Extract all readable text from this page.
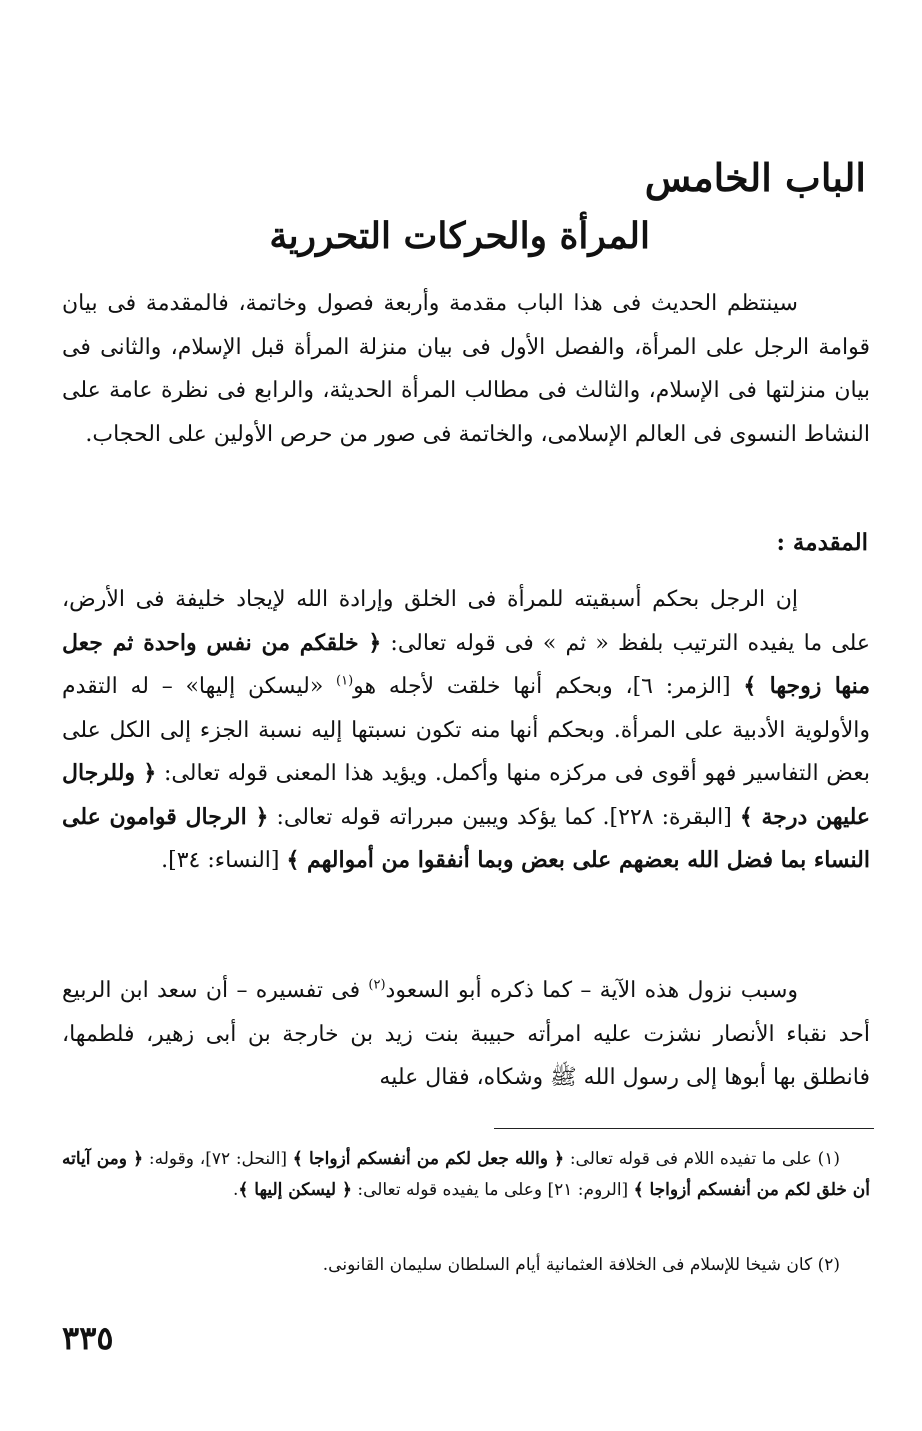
الباب الخامس
المرأة والحركات التحررية

سينتظم الحديث فى هذا الباب مقدمة وأربعة فصول وخاتمة، فالمقدمة فى بيان قوامة الرجل على المرأة، والفصل الأول فى بيان منزلة المرأة قبل الإسلام، والثانى فى بيان منزلتها فى الإسلام، والثالث فى مطالب المرأة الحديثة، والرابع فى نظرة عامة على النشاط النسوى فى العالم الإسلامى، والخاتمة فى صور من حرص الأولين على الحجاب.

المقدمة :

إن الرجل بحكم أسبقيته للمرأة فى الخلق وإرادة الله لإيجاد خليفة فى الأرض، على ما يفيده الترتيب بلفظ « ثم » فى قوله تعالى: ﴿ خلقكم من نفس واحدة ثم جعل منها زوجها ﴾ [الزمر: ٦]، وبحكم أنها خلقت لأجله هو$^{(١)}$ «ليسكن إليها» – له التقدم والأولوية الأدبية على المرأة. وبحكم أنها منه تكون نسبتها إليه نسبة الجزء إلى الكل على بعض التفاسير فهو أقوى فى مركزه منها وأكمل. ويؤيد هذا المعنى قوله تعالى: ﴿ وللرجال عليهن درجة ﴾ [البقرة: ٢٢٨]. كما يؤكد ويبين مبرراته قوله تعالى: ﴿ الرجال قوامون على النساء بما فضل الله بعضهم على بعض وبما أنفقوا من أموالهم ﴾ [النساء: ٣٤].

وسبب نزول هذه الآية – كما ذكره أبو السعود$^{(٢)}$ فى تفسيره – أن سعد ابن الربيع أحد نقباء الأنصار نشزت عليه امرأته حبيبة بنت زيد بن خارجة بن أبى زهير، فلطمها، فانطلق بها أبوها إلى رسول الله ﷺ وشكاه، فقال عليه

(١) على ما تفيده اللام فى قوله تعالى: ﴿ والله جعل لكم من أنفسكم أزواجا ﴾ [النحل: ٧٢]، وقوله: ﴿ ومن آياته أن خلق لكم من أنفسكم أزواجا ﴾ [الروم: ٢١] وعلى ما يفيده قوله تعالى: ﴿ ليسكن إليها ﴾.

(٢) كان شيخا للإسلام فى الخلافة العثمانية أيام السلطان سليمان القانونى.

٣٣٥
